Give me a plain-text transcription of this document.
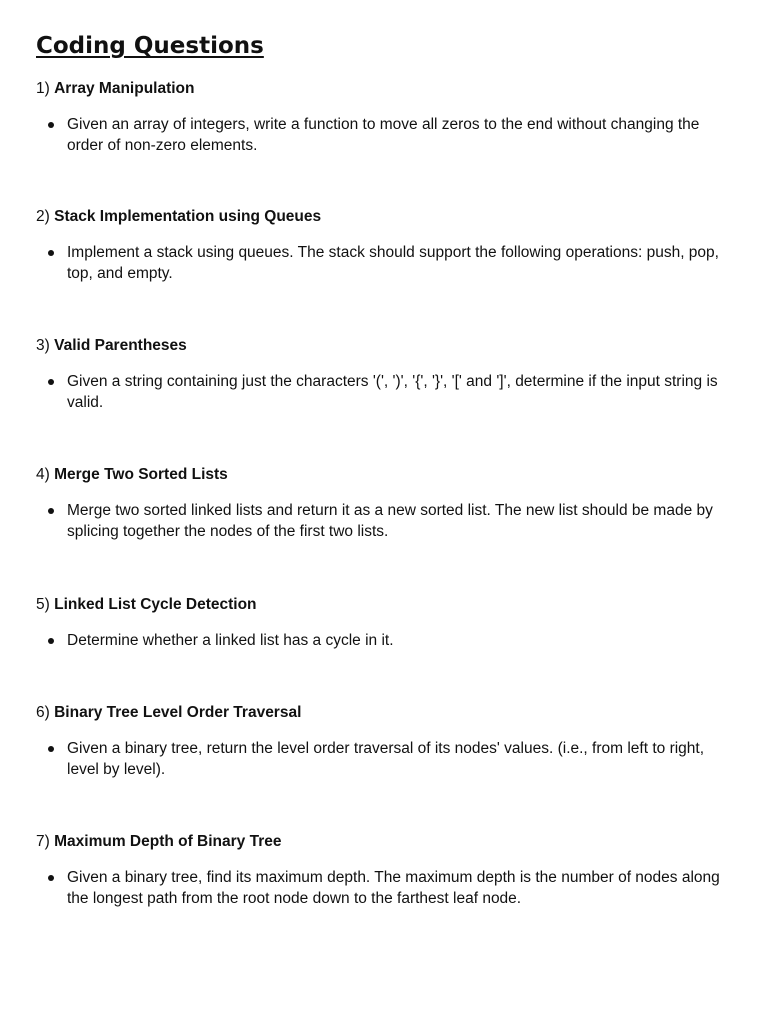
Coding Questions

1) Array Manipulation

Given an array of integers, write a function to move all zeros to the end without changing the order of non-zero elements.

2) Stack Implementation using Queues

Implement a stack using queues. The stack should support the following operations: push, pop, top, and empty.

3) Valid Parentheses

Given a string containing just the characters '(', ')', '{', '}', '[' and ']', determine if the input string is valid.

4) Merge Two Sorted Lists

Merge two sorted linked lists and return it as a new sorted list. The new list should be made by splicing together the nodes of the first two lists.

5) Linked List Cycle Detection

Determine whether a linked list has a cycle in it.

6) Binary Tree Level Order Traversal

Given a binary tree, return the level order traversal of its nodes' values. (i.e., from left to right, level by level).

7) Maximum Depth of Binary Tree

Given a binary tree, find its maximum depth. The maximum depth is the number of nodes along the longest path from the root node down to the farthest leaf node.
